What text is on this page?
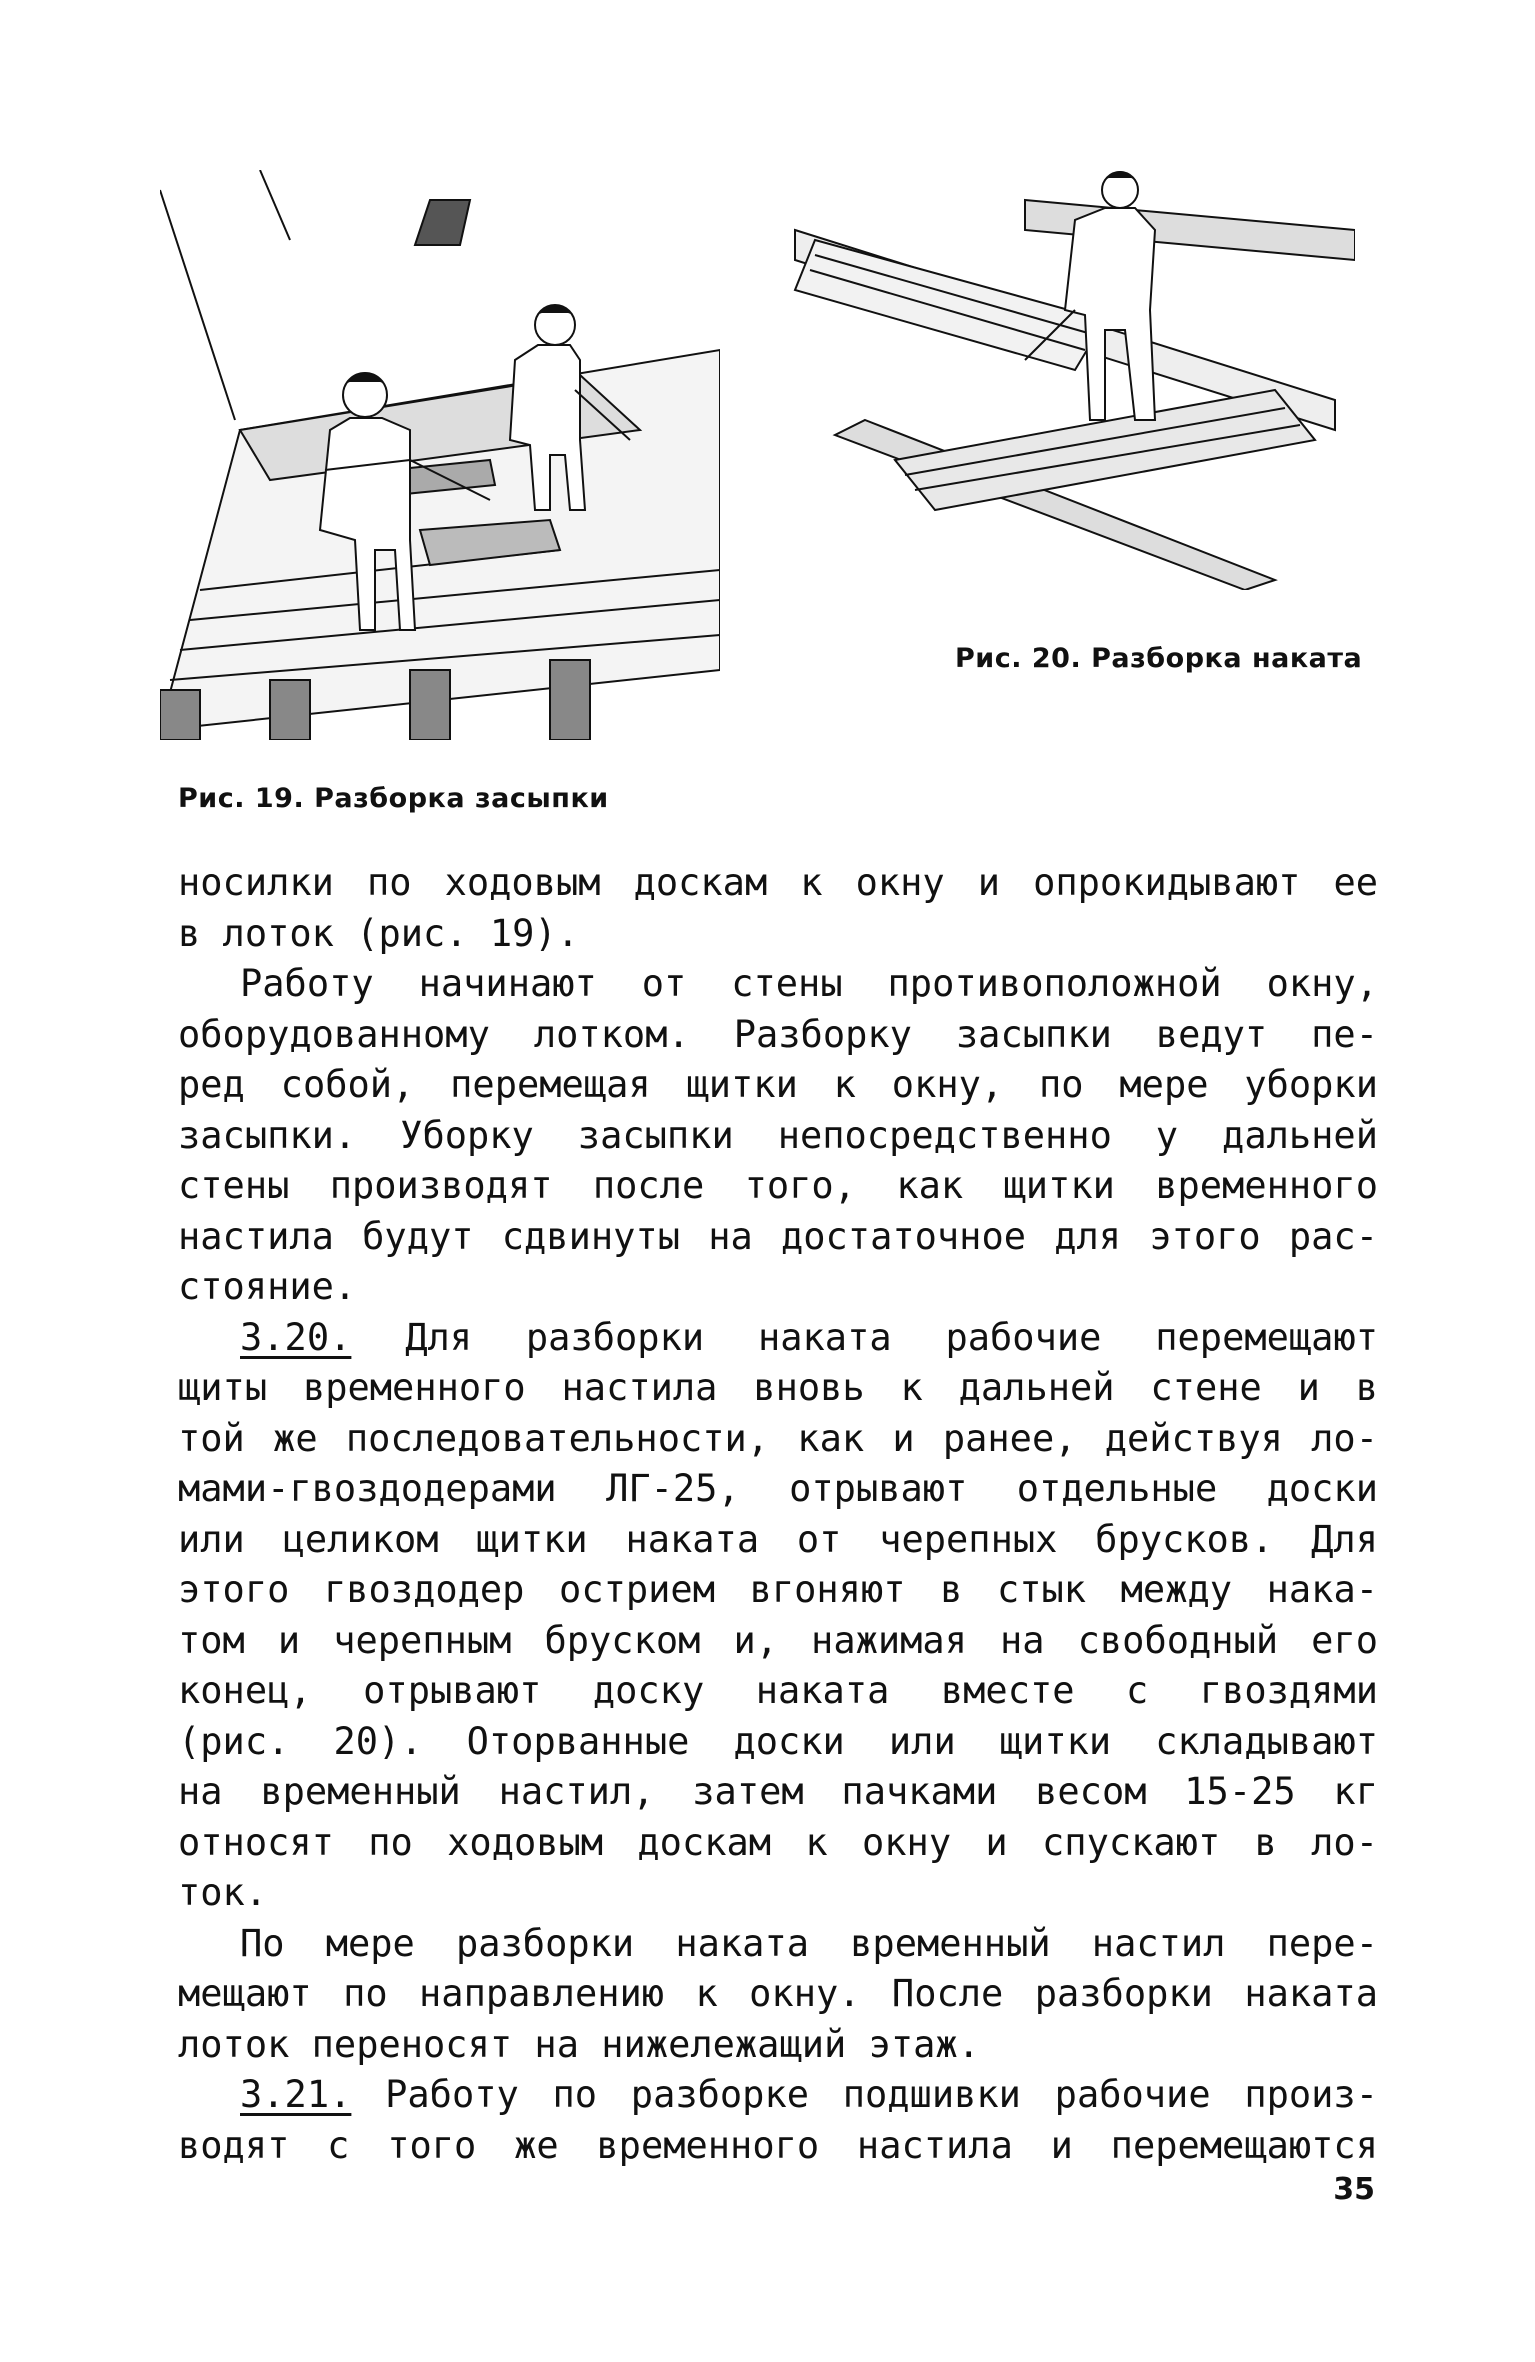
Рис. 20. Разборка наката
Рис. 19. Разборка засыпки
носилки по ходовым доскам к окну и опрокидывают ее
в лоток (рис. 19).
Работу начинают от стены противоположной окну,
оборудованному лотком. Разборку засыпки ведут пе-
ред собой, перемещая щитки к окну, по мере уборки
засыпки. Уборку засыпки непосредственно у дальней
стены производят после того, как щитки временного
настила будут сдвинуты на достаточное для этого рас-
стояние.
3.20. Для разборки наката рабочие перемещают
щиты временного настила вновь к дальней стене и в
той же последовательности, как и ранее, действуя ло-
мами-гвоздодерами ЛГ-25, отрывают отдельные доски
или целиком щитки наката от черепных брусков. Для
этого гвоздодер острием вгоняют в стык между нака-
том и черепным бруском и, нажимая на свободный его
конец, отрывают доску наката вместе с гвоздями
(рис. 20). Оторванные доски или щитки складывают
на временный настил, затем пачками весом 15-25 кг
относят по ходовым доскам к окну и спускают в ло-
ток.
По мере разборки наката временный настил пере-
мещают по направлению к окну. После разборки наката
лоток переносят на нижележащий этаж.
3.21. Работу по разборке подшивки рабочие произ-
водят с того же временного настила и перемещаются
35
